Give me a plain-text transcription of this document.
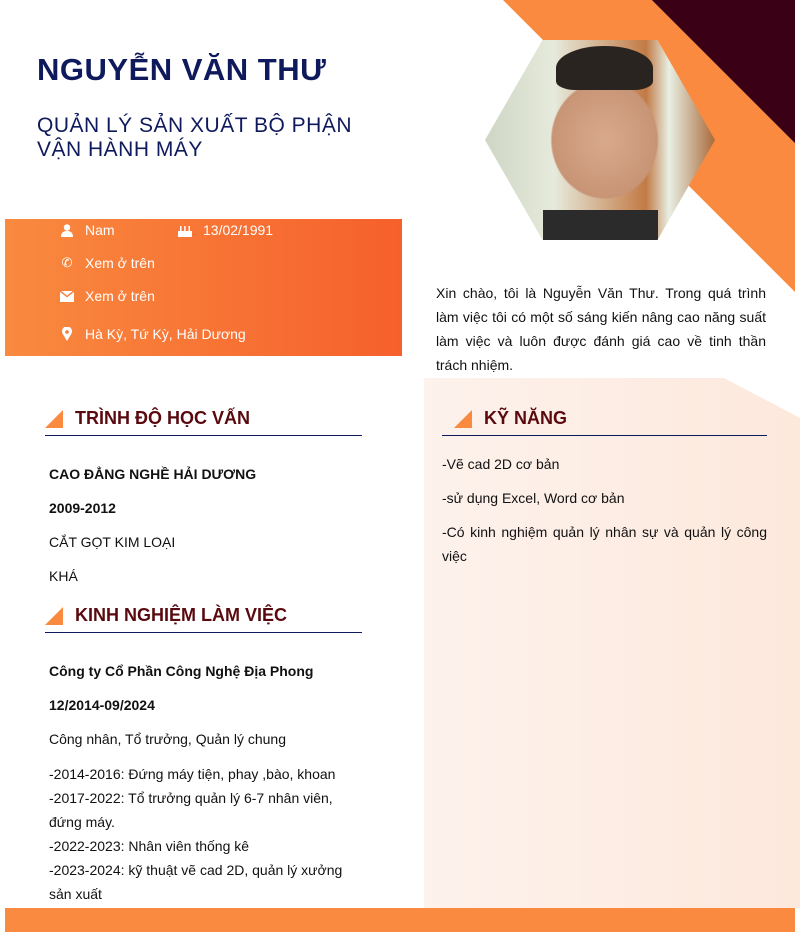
NGUYỄN VĂN THƯ
QUẢN LÝ SẢN XUẤT BỘ PHẬN VẬN HÀNH MÁY
Nam	13/02/1991
✆ Xem ở trên
Xem ở trên
Hà Kỳ, Tứ Kỳ, Hải Dương
Xin chào, tôi là Nguyễn Văn Thư. Trong quá trình làm việc tôi có một số sáng kiến nâng cao năng suất làm việc và luôn được đánh giá cao về tinh thần trách nhiệm.
TRÌNH ĐỘ HỌC VẤN
CAO ĐẲNG NGHỀ HẢI DƯƠNG
2009-2012
CẮT GỌT KIM LOẠI
KHÁ
KINH NGHIỆM LÀM VIỆC
Công ty Cổ Phần Công Nghệ Địa Phong
12/2014-09/2024
Công nhân, Tổ trưởng, Quản lý chung
-2014-2016: Đứng máy tiện, phay ,bào, khoan
-2017-2022: Tổ trưởng quản lý 6-7 nhân viên, đứng máy.
-2022-2023: Nhân viên thống kê
-2023-2024: kỹ thuật vẽ cad 2D, quản lý xưởng sản xuất
KỸ NĂNG
-Vẽ cad 2D cơ bản
-sử dụng Excel, Word cơ bản
-Có kinh nghiệm quản lý nhân sự và quản lý công việc
